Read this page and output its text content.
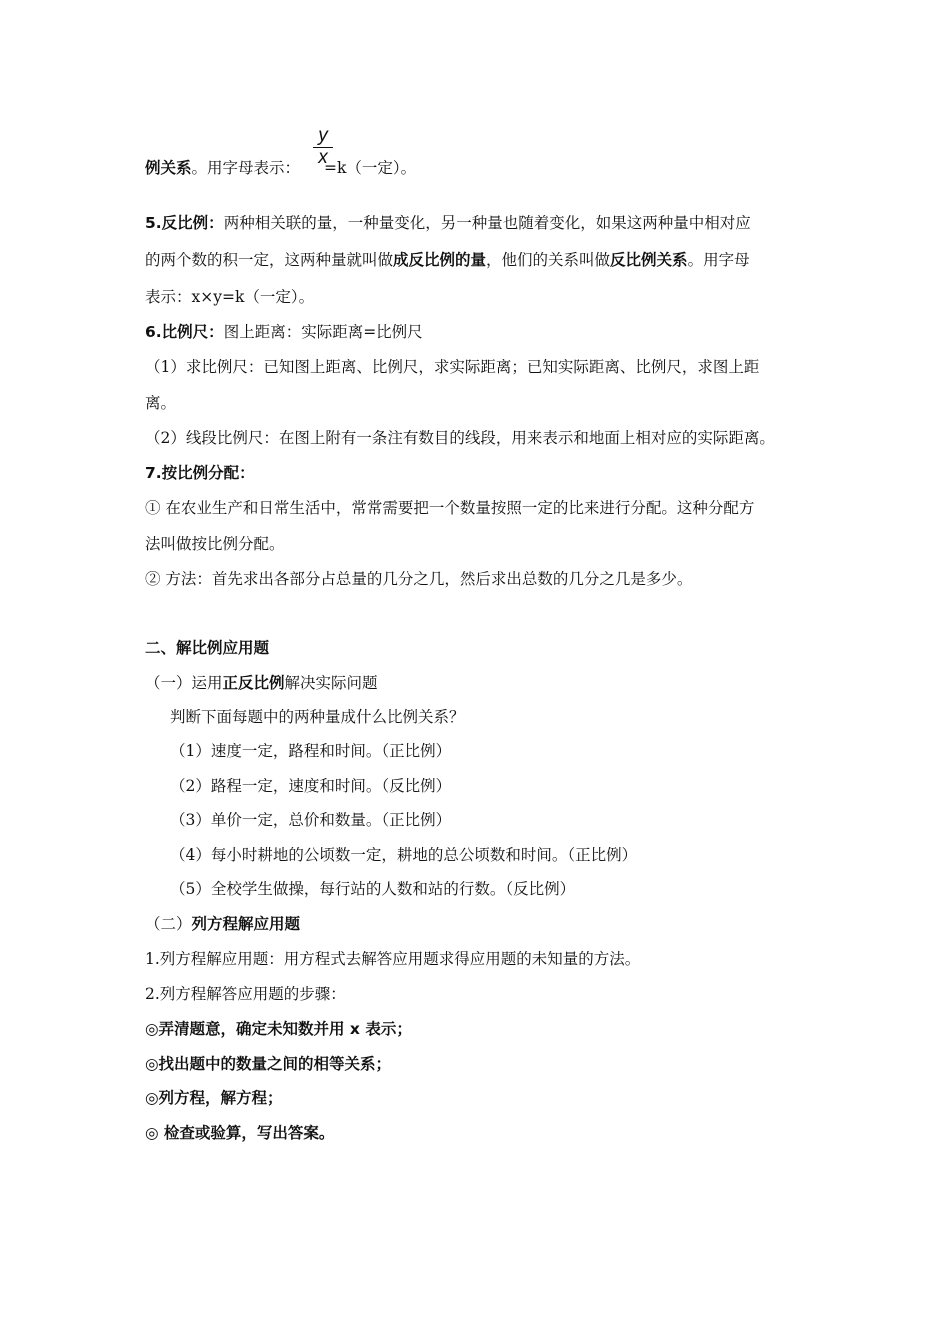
y
x
例关系。用字母表示： =k（一定）。
5.反比例：两种相关联的量，一种量变化，另一种量也随着变化，如果这两种量中相对应
的两个数的积一定，这两种量就叫做成反比例的量，他们的关系叫做反比例关系。用字母
表示：x×y=k（一定）。
6.比例尺：图上距离：实际距离=比例尺
（1）求比例尺：已知图上距离、比例尺，求实际距离；已知实际距离、比例尺，求图上距
离。
（2）线段比例尺：在图上附有一条注有数目的线段，用来表示和地面上相对应的实际距离。
7.按比例分配：
① 在农业生产和日常生活中，常常需要把一个数量按照一定的比来进行分配。这种分配方
法叫做按比例分配。
② 方法：首先求出各部分占总量的几分之几，然后求出总数的几分之几是多少。
二、解比例应用题
（一）运用正反比例解决实际问题
判断下面每题中的两种量成什么比例关系？
（1）速度一定，路程和时间。（正比例）
（2）路程一定，速度和时间。（反比例）
（3）单价一定，总价和数量。（正比例）
（4）每小时耕地的公顷数一定，耕地的总公顷数和时间。（正比例）
（5）全校学生做操，每行站的人数和站的行数。（反比例）
（二）列方程解应用题
1.列方程解应用题：用方程式去解答应用题求得应用题的未知量的方法。
2.列方程解答应用题的步骤：
◎弄清题意，确定未知数并用 x 表示；
◎找出题中的数量之间的相等关系；
◎列方程，解方程；
◎ 检查或验算，写出答案。
